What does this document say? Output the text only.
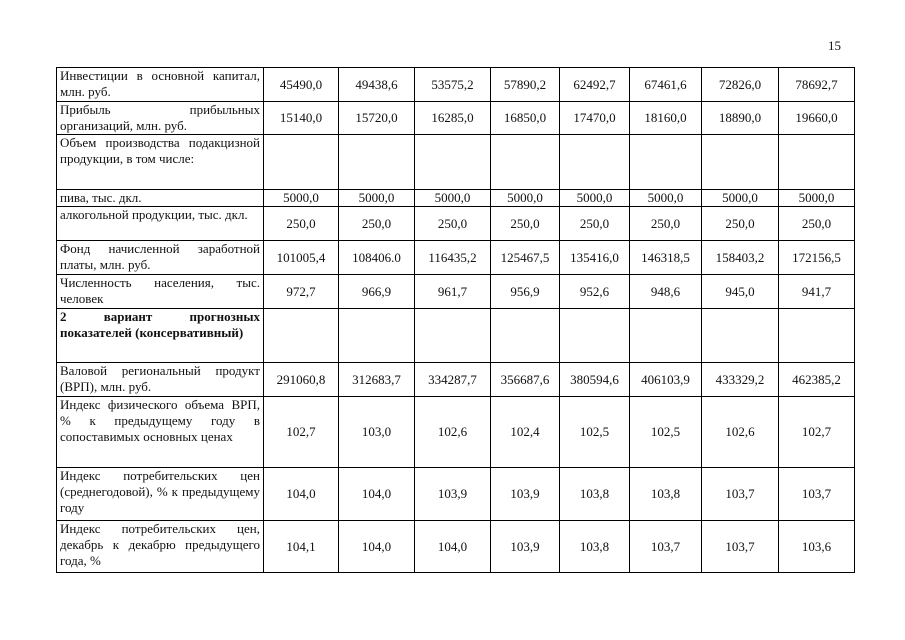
15
Инвестиции в основной капитал, млн. руб.	45490,0	49438,6	53575,2	57890,2	62492,7	67461,6	72826,0	78692,7
Прибыль прибыльных организаций, млн. руб.	15140,0	15720,0	16285,0	16850,0	17470,0	18160,0	18890,0	19660,0
Объем производства подакцизной продукции, в том числе:								
пива, тыс. дкл.	5000,0	5000,0	5000,0	5000,0	5000,0	5000,0	5000,0	5000,0
алкогольной продукции, тыс. дкл.	250,0	250,0	250,0	250,0	250,0	250,0	250,0	250,0
Фонд начисленной заработной платы, млн. руб.	101005,4	108406.0	116435,2	125467,5	135416,0	146318,5	158403,2	172156,5
Численность населения, тыс. человек	972,7	966,9	961,7	956,9	952,6	948,6	945,0	941,7
2 вариант прогнозных показателей (консервативный)								
Валовой региональный продукт (ВРП), млн. руб.	291060,8	312683,7	334287,7	356687,6	380594,6	406103,9	433329,2	462385,2
Индекс физического объема ВРП, % к предыдущему году в сопоставимых основных ценах	102,7	103,0	102,6	102,4	102,5	102,5	102,6	102,7
Индекс потребительских цен (среднегодовой), % к предыдущему году	104,0	104,0	103,9	103,9	103,8	103,8	103,7	103,7
Индекс потребительских цен, декабрь к декабрю предыдущего года, %	104,1	104,0	104,0	103,9	103,8	103,7	103,7	103,6
